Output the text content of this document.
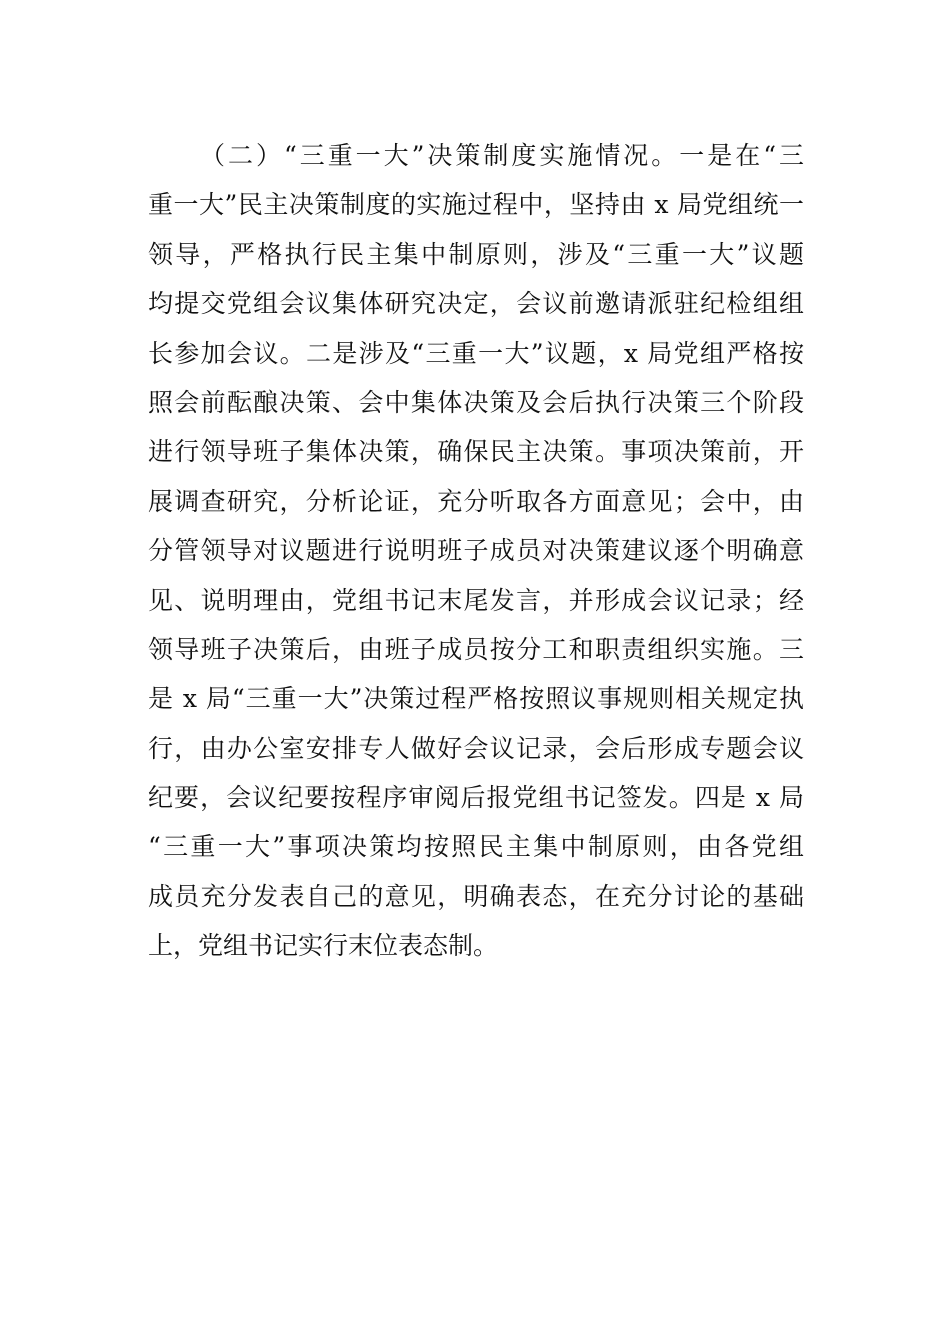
（二）“三重一大”决策制度实施情况。一是在“三
重一大”民主决策制度的实施过程中，坚持由 x 局党组统一
领导，严格执行民主集中制原则，涉及“三重一大”议题
均提交党组会议集体研究决定，会议前邀请派驻纪检组组
长参加会议。二是涉及“三重一大”议题，x 局党组严格按
照会前酝酿决策、会中集体决策及会后执行决策三个阶段
进行领导班子集体决策，确保民主决策。事项决策前，开
展调查研究，分析论证，充分听取各方面意见；会中，由
分管领导对议题进行说明班子成员对决策建议逐个明确意
见、说明理由，党组书记末尾发言，并形成会议记录；经
领导班子决策后，由班子成员按分工和职责组织实施。三
是 x 局“三重一大”决策过程严格按照议事规则相关规定执
行，由办公室安排专人做好会议记录，会后形成专题会议
纪要，会议纪要按程序审阅后报党组书记签发。四是 x 局
“三重一大”事项决策均按照民主集中制原则，由各党组
成员充分发表自己的意见，明确表态，在充分讨论的基础
上，党组书记实行末位表态制。
